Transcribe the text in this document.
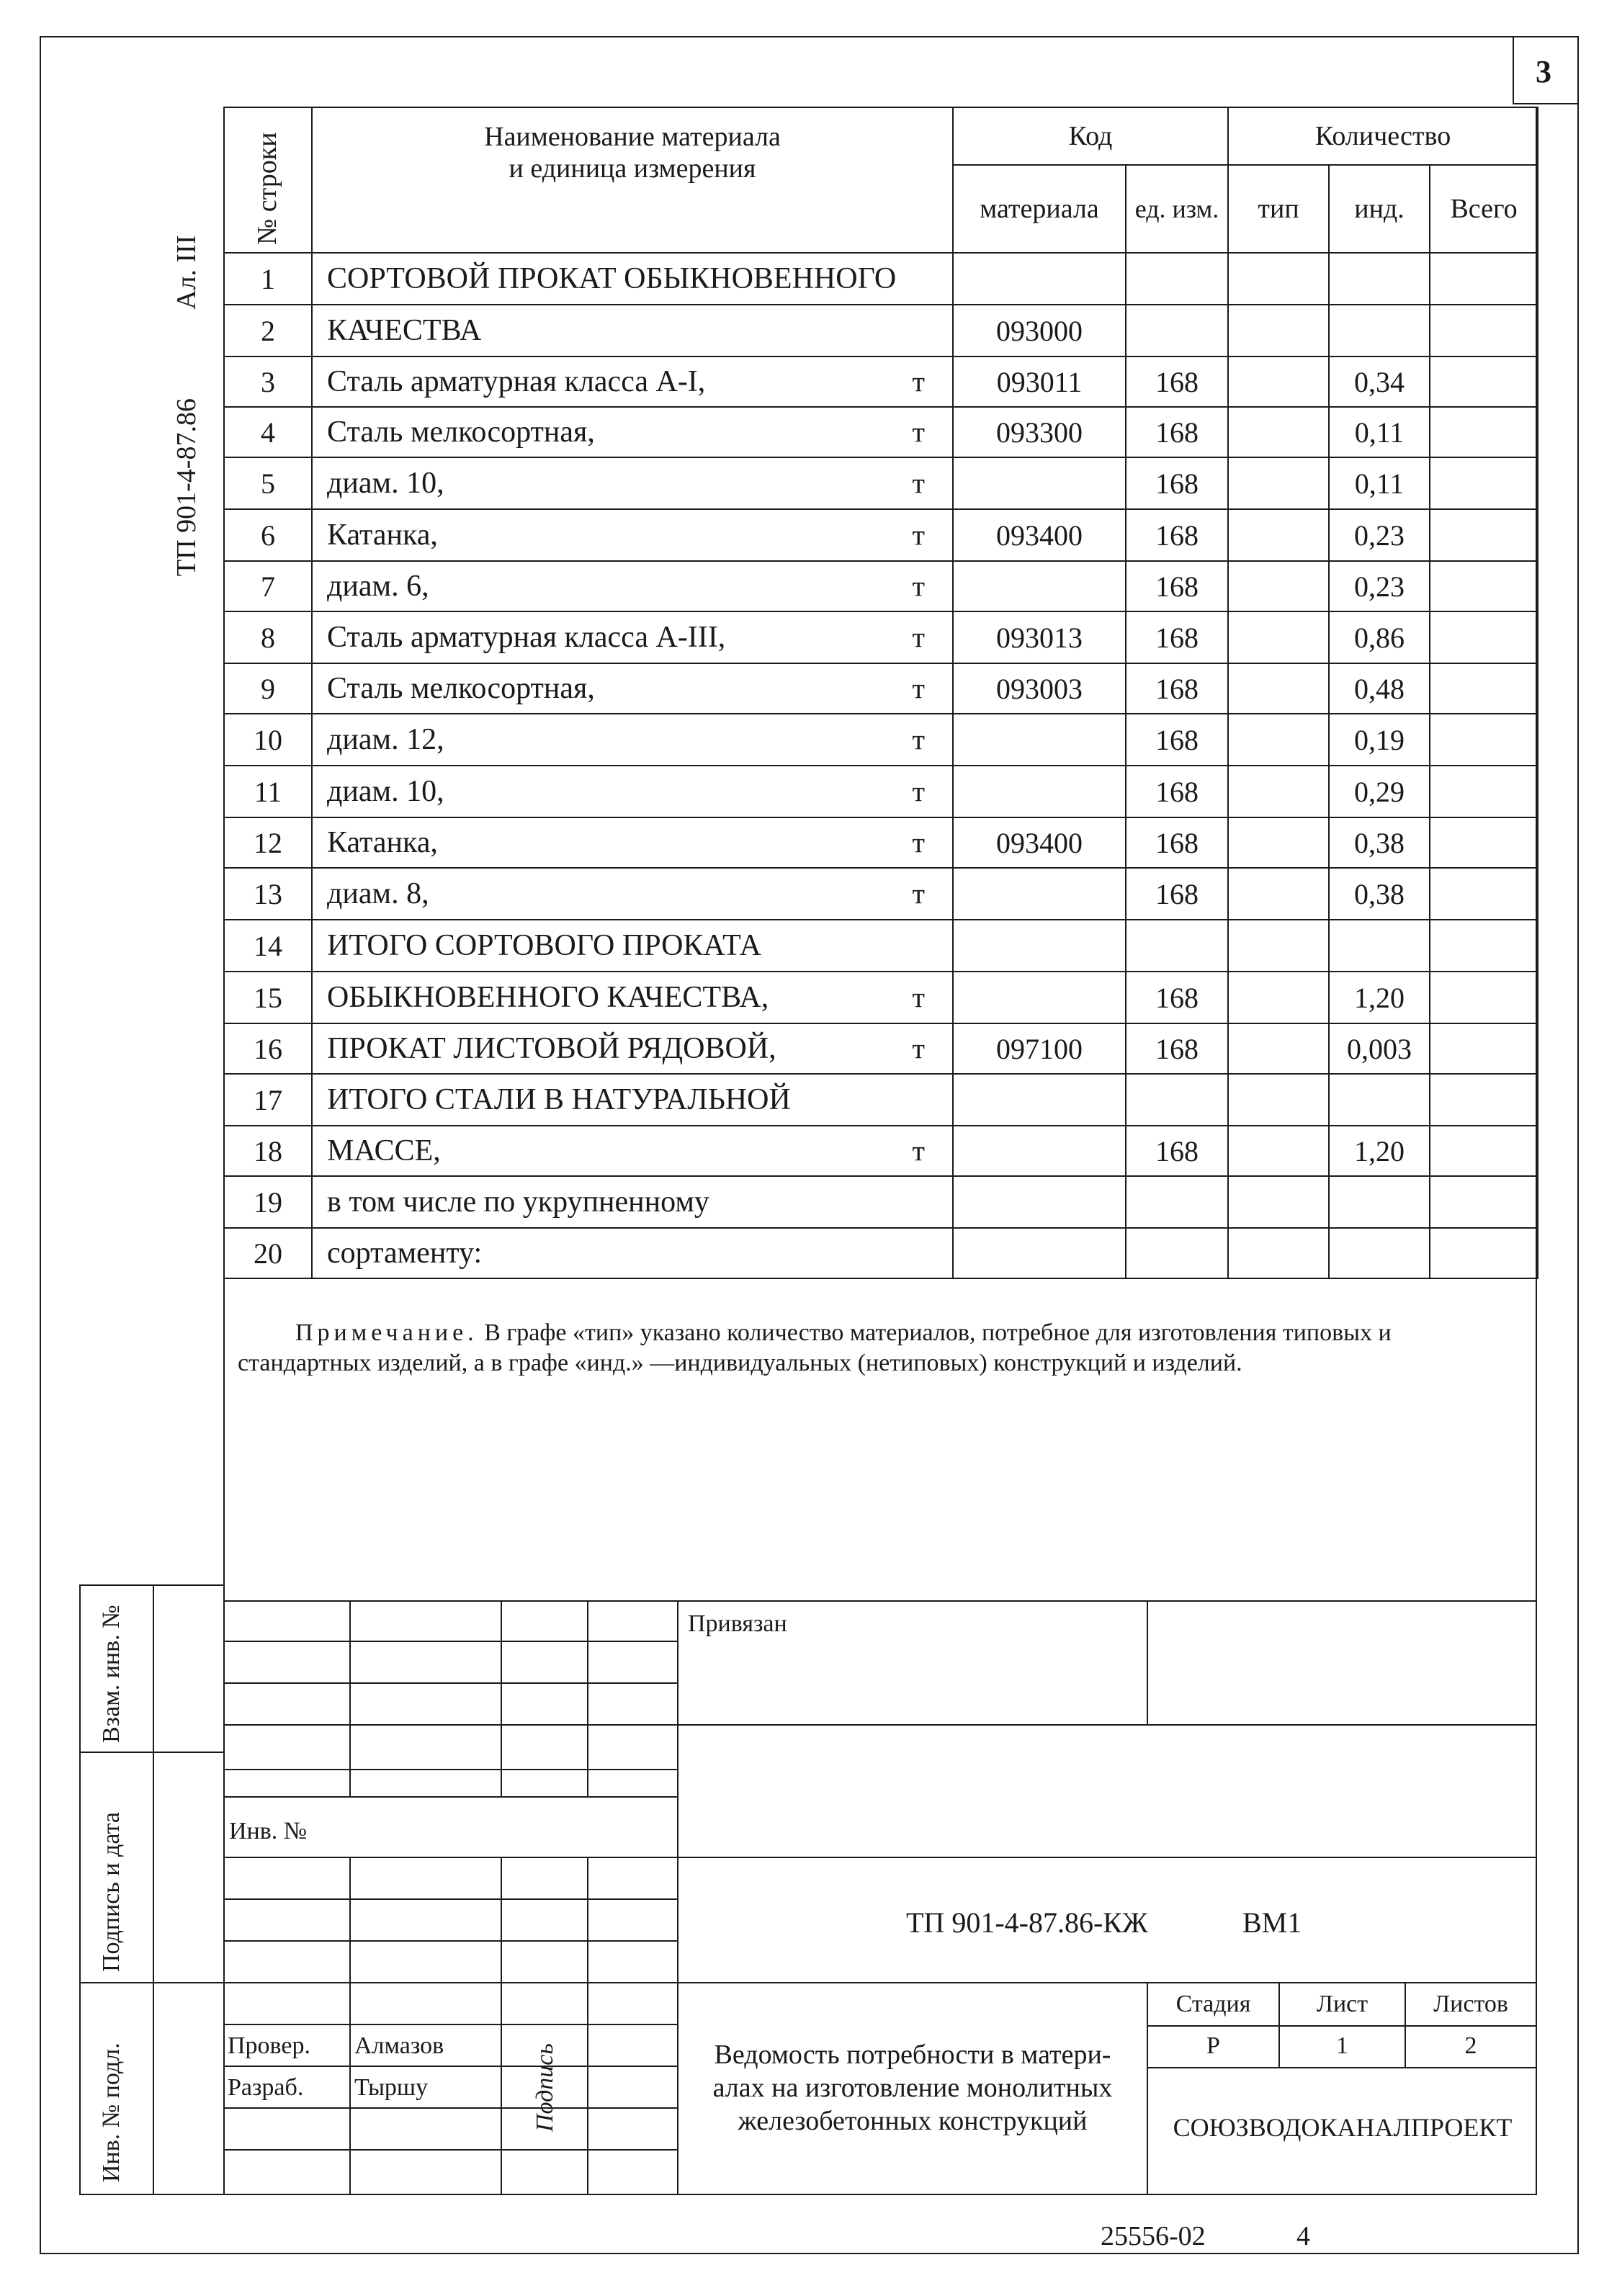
3
Ал. III
ТП 901-4-87.86
№ строки	Наименование материала
и единица измерения	Код		Количество		
		материала	ед. изм.	тип	инд.	Всего
1	СОРТОВОЙ ПРОКАТ ОБЫКНОВЕННОГО

2	КАЧЕСТВА	093000				
3	Сталь арматурная класса А-I, т	093011	168		0,34	
4	Сталь мелкосортная, т	093300	168		0,11	
5	диам. 10, т		168		0,11	
6	Катанка, т	093400	168		0,23	
7	диам. 6, т		168		0,23	
8	Сталь арматурная класса А-III, т	093013	168		0,86	
9	Сталь мелкосортная, т	093003	168		0,48	
10	диам. 12, т		168		0,19	
11	диам. 10, т		168		0,29	
12	Катанка, т	093400	168		0,38	
13	диам. 8, т		168		0,38	
14	ИТОГО СОРТОВОГО ПРОКАТА

15	ОБЫКНОВЕННОГО КАЧЕСТВА, т		168		1,20	
16	ПРОКАТ ЛИСТОВОЙ РЯДОВОЙ, т	097100	168		0,003	
17	ИТОГО СТАЛИ В НАТУРАЛЬНОЙ

18	МАССЕ, т		168		1,20	
19	в том числе по укрупненному

20	сортаменту:

Примечание. В графе «тип» указано количество материалов, потребное для изготовления типовых и стандартных изделий, а в графе «инд.» —индивидуальных (нетиповых) конструкций и изделий.
Взам. инв. №
Подпись и дата
Инв. № подл.
Привязан
Инв. №
ТП 901-4-87.86-КЖ	ВМ1
Провер. Алмазов
Разраб. Тыршу	Подпись	Ведомость потребности в матери-
алах на изготовление монолитных
железобетонных конструкций
Стадия	Лист	Листов
Р	1	2
СОЮЗВОДОКАНАЛПРОЕКТ
25556-02	4
